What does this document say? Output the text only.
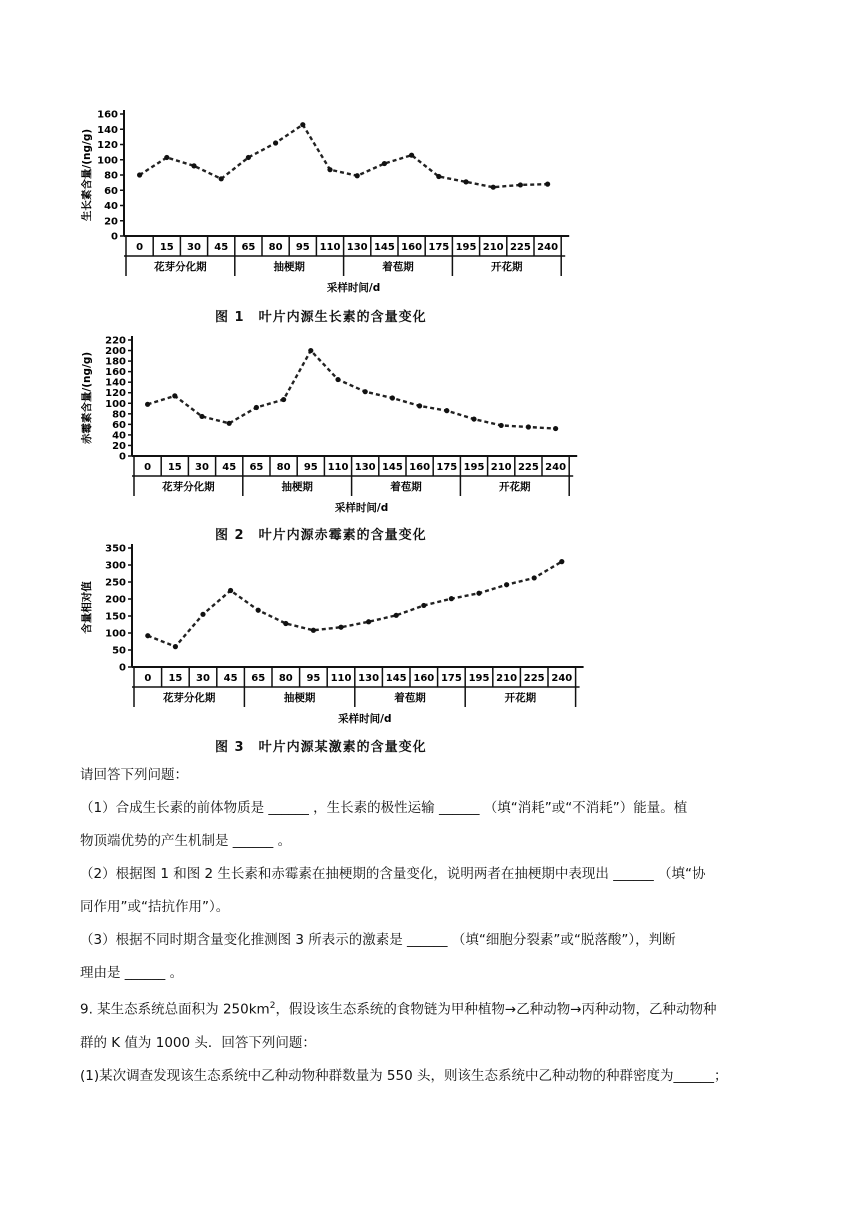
0
20
40
60
80
100
120
140
160
生长素含量/(ng/g)
0 15 30 45 65 80 95 110 130 145 160 175 195 210 225 240
花芽分化期	抽梗期	着苞期	开花期
采样时间/d
图 1　叶片内源生长素的含量变化
0
20
40
60
80
100
120
140
160
180
200
220
赤霉素含量/(ng/g)
0 15 30 45 65 80 95 110 130 145 160 175 195 210 225 240
花芽分化期	抽梗期	着苞期	开花期
采样时间/d
图 2　叶片内源赤霉素的含量变化
0
50
100
150
200
250
300
350
含量相对值
0 15 30 45 65 80 95 110 130 145 160 175 195 210 225 240
花芽分化期	抽梗期	着苞期	开花期
采样时间/d
图 3　叶片内源某激素的含量变化

请回答下列问题：

（1）合成生长素的前体物质是 ______ ，生长素的极性运输 ______ （填“消耗”或“不消耗”）能量。植

物顶端优势的产生机制是 ______ 。

（2）根据图 1 和图 2 生长素和赤霉素在抽梗期的含量变化，说明两者在抽梗期中表现出 ______ （填“协

同作用”或“拮抗作用”）。

（3）根据不同时期含量变化推测图 3 所表示的激素是 ______ （填“细胞分裂素”或“脱落酸”），判断

理由是 ______ 。

9. 某生态系统总面积为 $250km^2$，假设该生态系统的食物链为甲种植物→乙种动物→丙种动物，乙种动物种

群的 K 值为 1000 头．回答下列问题：

(1)某次调查发现该生态系统中乙种动物种群数量为 550 头，则该生态系统中乙种动物的种群密度为______；
